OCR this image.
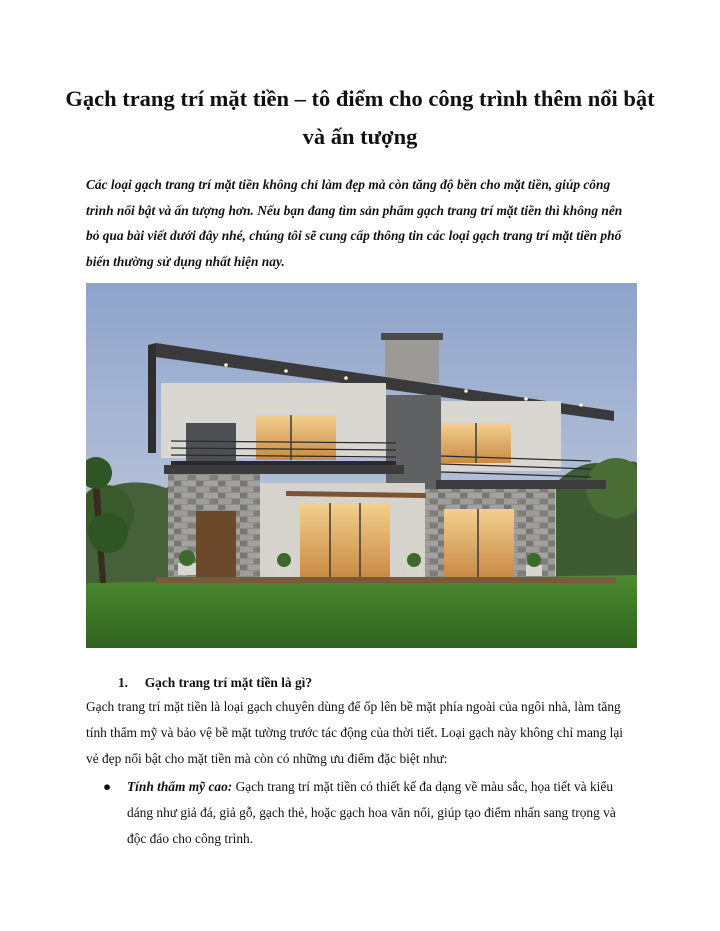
Gạch trang trí mặt tiền – tô điểm cho công trình thêm nổi bật và ấn tượng

Các loại gạch trang trí mặt tiền không chỉ làm đẹp mà còn tăng độ bền cho mặt tiền, giúp công trình nổi bật và ấn tượng hơn. Nếu bạn đang tìm sản phẩm gạch trang trí mặt tiền thì không nên bỏ qua bài viết dưới đây nhé, chúng tôi sẽ cung cấp thông tin các loại gạch trang trí mặt tiền phổ biến thường sử dụng nhất hiện nay.

1. Gạch trang trí mặt tiền là gì?

Gạch trang trí mặt tiền là loại gạch chuyên dùng để ốp lên bề mặt phía ngoài của ngôi nhà, làm tăng tính thẩm mỹ và bảo vệ bề mặt tường trước tác động của thời tiết. Loại gạch này không chỉ mang lại vẻ đẹp nổi bật cho mặt tiền mà còn có những ưu điểm đặc biệt như:

● Tính thẩm mỹ cao: Gạch trang trí mặt tiền có thiết kế đa dạng về màu sắc, họa tiết và kiểu dáng như giả đá, giả gỗ, gạch thẻ, hoặc gạch hoa văn nổi, giúp tạo điểm nhấn sang trọng và độc đáo cho công trình.
